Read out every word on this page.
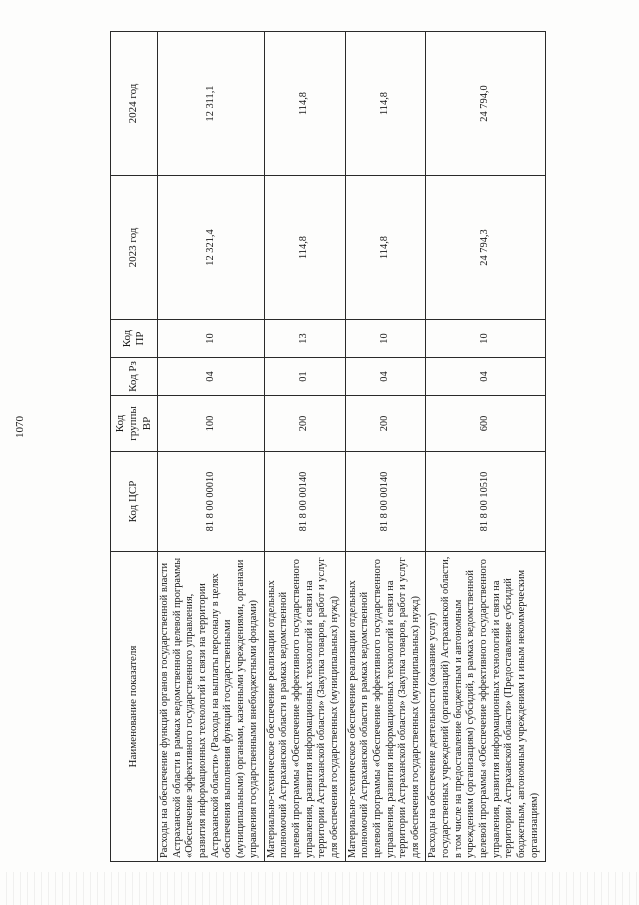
1070
Наименование показателя	Код ЦСР	Код группы ВР	Код Рз	Код ПР	2023 год	2024 год
Расходы на обеспечение функций органов государственной власти Астраханской области в рамках ведомственной целевой программы «Обеспечение эффективного государственного управления, развития информационных технологий и связи на территории Астраханской области» (Расходы на выплаты персоналу в целях обеспечения выполнения функций государственными (муниципальными) органами, казенными учреждениями, органами управления государственными внебюджетными фондами)	81 8 00 00010	100	04	10	12 321,4	12 311,1
Материально-техническое обеспечение реализации отдельных полномочий Астраханской области в рамках ведомственной целевой программы «Обеспечение эффективного государственного управления, развития информационных технологий и связи на территории Астраханской области» (Закупка товаров, работ и услуг для обеспечения государственных (муниципальных) нужд)	81 8 00 00140	200	01	13	114,8	114,8
Материально-техническое обеспечение реализации отдельных полномочий Астраханской области в рамках ведомственной целевой программы «Обеспечение эффективного государственного управления, развития информационных технологий и связи на территории Астраханской области» (Закупка товаров, работ и услуг для обеспечения государственных (муниципальных) нужд)	81 8 00 00140	200	04	10	114,8	114,8
Расходы на обеспечение деятельности (оказание услуг) государственных учреждений (организаций) Астраханской области, в том числе на предоставление бюджетным и автономным учреждениям (организациям) субсидий, в рамках ведомственной целевой программы «Обеспечение эффективного государственного управления, развития информационных технологий и связи на территории Астраханской области» (Предоставление субсидий бюджетным, автономным учреждениям и иным некоммерческим организациям)	81 8 00 10510	600	04	10	24 794,3	24 794,0
